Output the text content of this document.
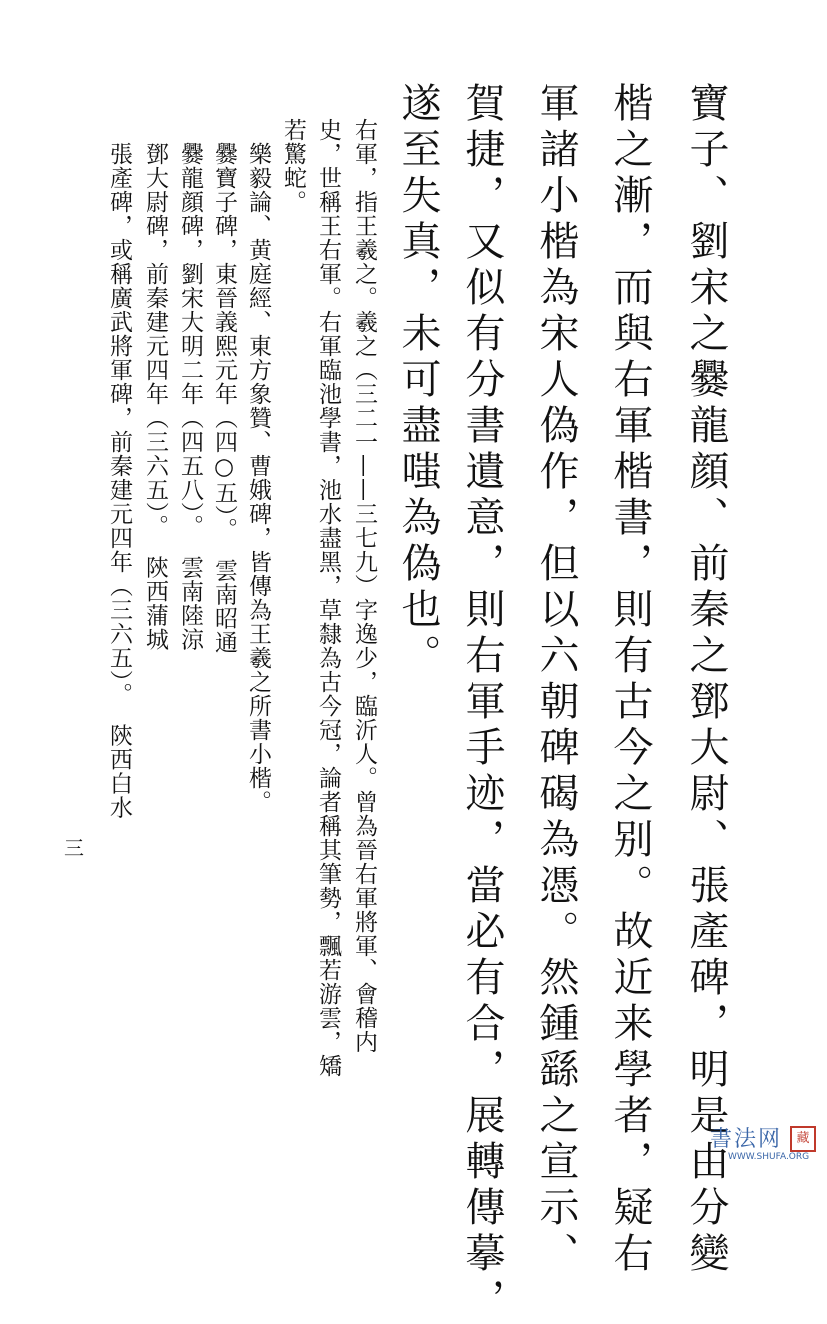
寶子、劉宋之爨龍顔、前秦之鄧大尉、張產碑，明是由分變
楷之漸，而與右軍楷書，則有古今之别。故近来學者，疑右
軍諸小楷為宋人偽作，但以六朝碑碣為憑。然鍾繇之宣示、
賀捷，又似有分書遺意，則右軍手迹，當必有合，展轉傳摹，
遂至失真，未可盡嗤為偽也。
右軍，指王羲之。羲之（三二一——三七九）字逸少，臨沂人。曾為晉右軍將軍、會稽内
史，世稱王右軍。右軍臨池學書，池水盡黑，草隸為古今冠，論者稱其筆勢，飄若游雲，矯
若驚蛇。
樂毅論、黄庭經、東方象贊、曹娥碑，皆傳為王羲之所書小楷。
爨寶子碑，東晉義熙元年（四○五）。  雲南昭通
爨龍顔碑，劉宋大明二年（四五八）。  雲南陸涼
鄧大尉碑，前秦建元四年（三六五）。  陝西蒲城
張產碑，或稱廣武將軍碑，前秦建元四年（三六五）。  陝西白水
三
書法网	藏
WWW.SHUFA.ORG
